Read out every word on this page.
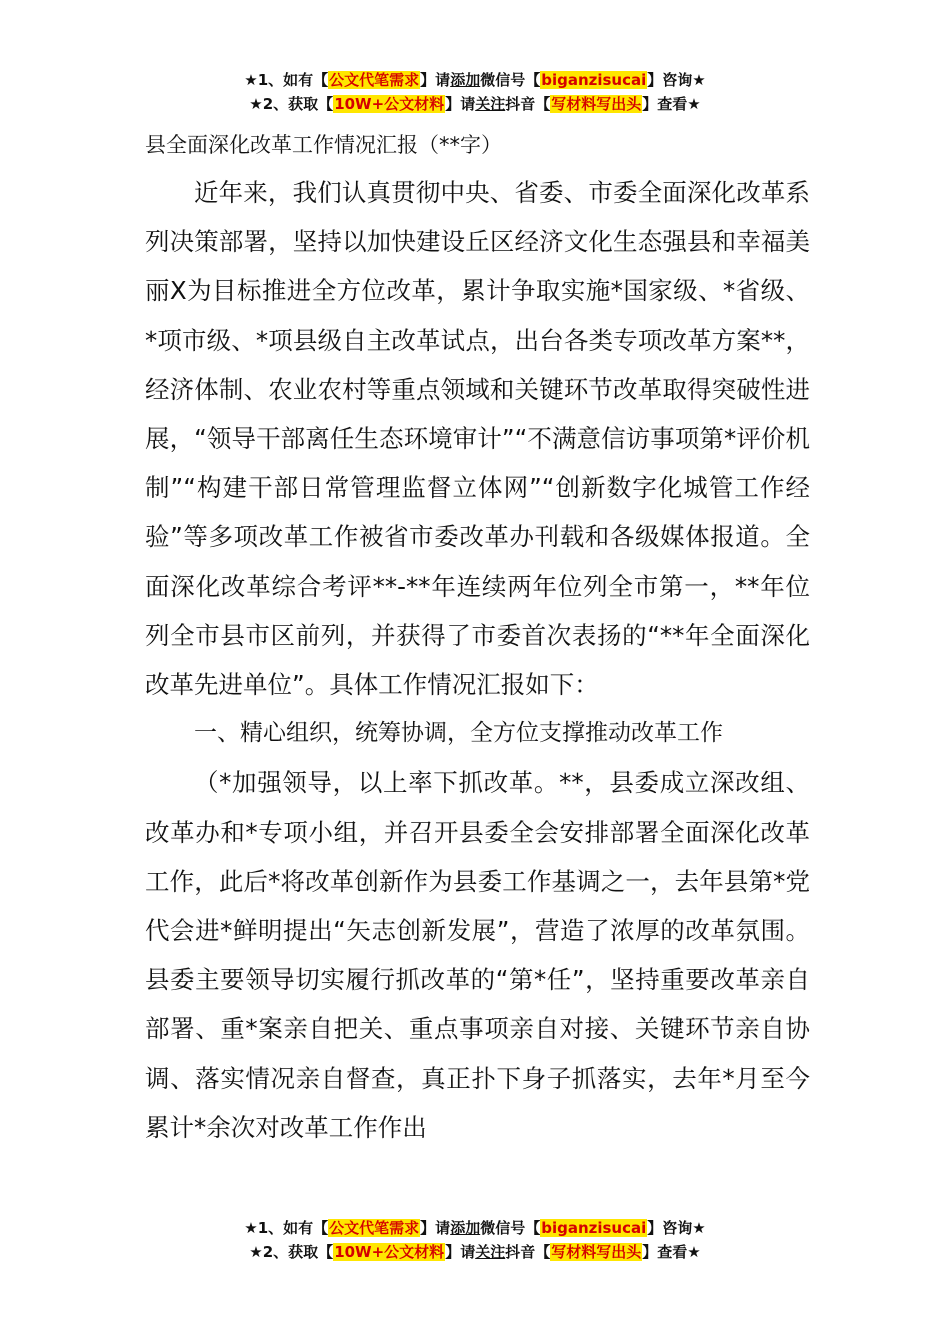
★1、如有【公文代笔需求】请添加微信号【biganzisucai】咨询★
★2、获取【10W+公文材料】请关注抖音【写材料写出头】查看★
县全面深化改革工作情况汇报（**字）

近年来，我们认真贯彻中央、省委、市委全面深化改革系列决策部署，坚持以加快建设丘区经济文化生态强县和幸福美丽X为目标推进全方位改革，累计争取实施*国家级、*省级、*项市级、*项县级自主改革试点，出台各类专项改革方案**，经济体制、农业农村等重点领域和关键环节改革取得突破性进展，“领导干部离任生态环境审计”“不满意信访事项第*评价机制”“构建干部日常管理监督立体网”“创新数字化城管工作经验”等多项改革工作被省市委改革办刊载和各级媒体报道。全面深化改革综合考评**-**年连续两年位列全市第一，**年位列全市县市区前列，并获得了市委首次表扬的“**年全面深化改革先进单位”。具体工作情况汇报如下：

一、精心组织，统筹协调，全方位支撑推动改革工作

（*加强领导，以上率下抓改革。**，县委成立深改组、改革办和*专项小组，并召开县委全会安排部署全面深化改革工作，此后*将改革创新作为县委工作基调之一，去年县第*党代会进*鲜明提出“矢志创新发展”，营造了浓厚的改革氛围。县委主要领导切实履行抓改革的“第*任”，坚持重要改革亲自部署、重*案亲自把关、重点事项亲自对接、关键环节亲自协调、落实情况亲自督查，真正扑下身子抓落实，去年*月至今累计*余次对改革工作作出

★1、如有【公文代笔需求】请添加微信号【biganzisucai】咨询★
★2、获取【10W+公文材料】请关注抖音【写材料写出头】查看★
